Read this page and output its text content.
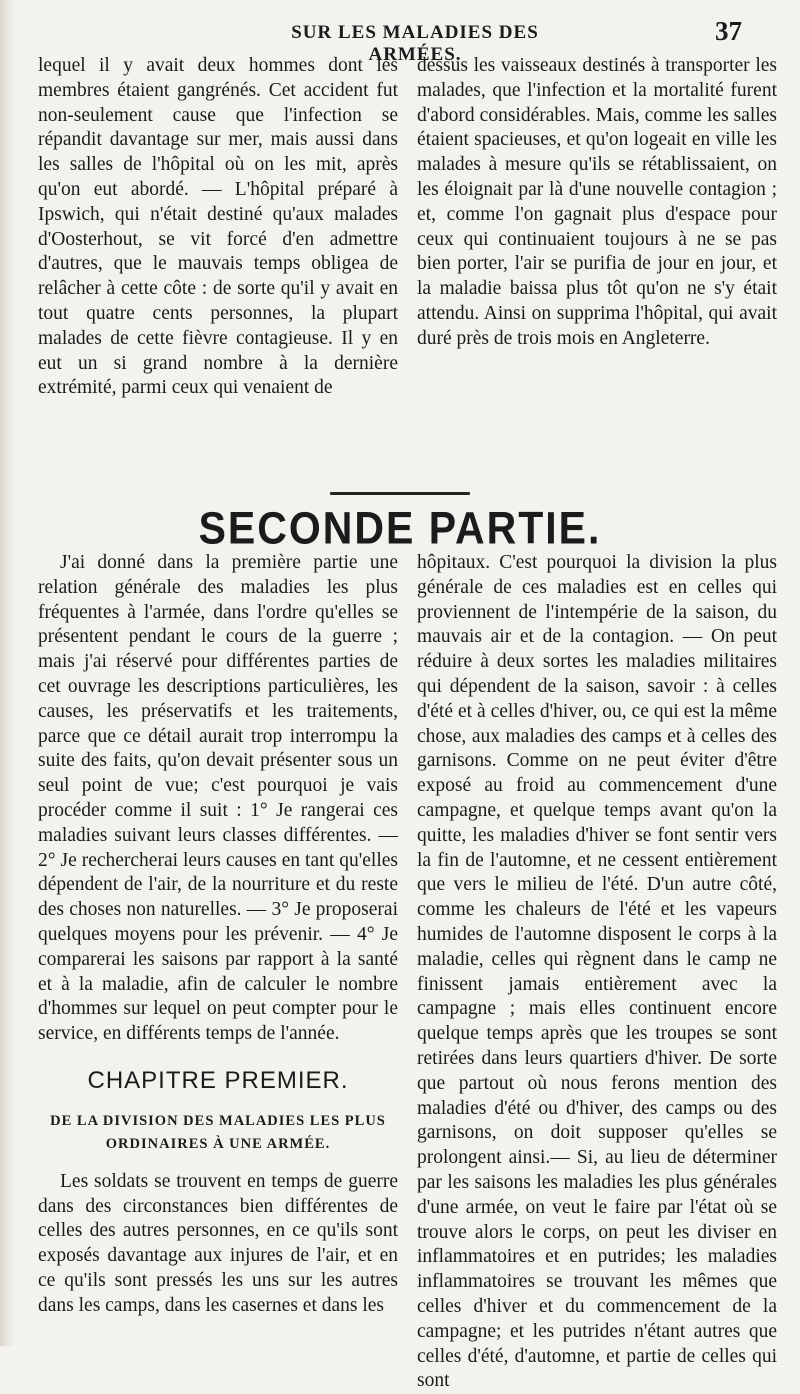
SUR LES MALADIES DES ARMÉES.
37

lequel il y avait deux hommes dont les membres étaient gangrénés. Cet accident fut non-seulement cause que l'infection se répandit davantage sur mer, mais aussi dans les salles de l'hôpital où on les mit, après qu'on eut abordé. — L'hôpital préparé à Ipswich, qui n'était destiné qu'aux malades d'Oosterhout, se vit forcé d'en admettre d'autres, que le mauvais temps obligea de relâcher à cette côte : de sorte qu'il y avait en tout quatre cents personnes, la plupart malades de cette fièvre contagieuse. Il y en eut un si grand nombre à la dernière extrémité, parmi ceux qui venaient de

dessus les vaisseaux destinés à transporter les malades, que l'infection et la mortalité furent d'abord considérables. Mais, comme les salles étaient spacieuses, et qu'on logeait en ville les malades à mesure qu'ils se rétablissaient, on les éloignait par là d'une nouvelle contagion ; et, comme l'on gagnait plus d'espace pour ceux qui continuaient toujours à ne se pas bien porter, l'air se purifia de jour en jour, et la maladie baissa plus tôt qu'on ne s'y était attendu. Ainsi on supprima l'hôpital, qui avait duré près de trois mois en Angleterre.

SECONDE PARTIE.

J'ai donné dans la première partie une relation générale des maladies les plus fréquentes à l'armée, dans l'ordre qu'elles se présentent pendant le cours de la guerre ; mais j'ai réservé pour différentes parties de cet ouvrage les descriptions particulières, les causes, les préservatifs et les traitements, parce que ce détail aurait trop interrompu la suite des faits, qu'on devait présenter sous un seul point de vue; c'est pourquoi je vais procéder comme il suit : 1° Je rangerai ces maladies suivant leurs classes différentes. — 2° Je rechercherai leurs causes en tant qu'elles dépendent de l'air, de la nourriture et du reste des choses non naturelles. — 3° Je proposerai quelques moyens pour les prévenir. — 4° Je comparerai les saisons par rapport à la santé et à la maladie, afin de calculer le nombre d'hommes sur lequel on peut compter pour le service, en différents temps de l'année.

CHAPITRE PREMIER.
DE LA DIVISION DES MALADIES LES PLUS ORDINAIRES À UNE ARMÉE.

Les soldats se trouvent en temps de guerre dans des circonstances bien différentes de celles des autres personnes, en ce qu'ils sont exposés davantage aux injures de l'air, et en ce qu'ils sont pressés les uns sur les autres dans les camps, dans les casernes et dans les

hôpitaux. C'est pourquoi la division la plus générale de ces maladies est en celles qui proviennent de l'intempérie de la saison, du mauvais air et de la contagion. — On peut réduire à deux sortes les maladies militaires qui dépendent de la saison, savoir : à celles d'été et à celles d'hiver, ou, ce qui est la même chose, aux maladies des camps et à celles des garnisons. Comme on ne peut éviter d'être exposé au froid au commencement d'une campagne, et quelque temps avant qu'on la quitte, les maladies d'hiver se font sentir vers la fin de l'automne, et ne cessent entièrement que vers le milieu de l'été. D'un autre côté, comme les chaleurs de l'été et les vapeurs humides de l'automne disposent le corps à la maladie, celles qui règnent dans le camp ne finissent jamais entièrement avec la campagne ; mais elles continuent encore quelque temps après que les troupes se sont retirées dans leurs quartiers d'hiver. De sorte que partout où nous ferons mention des maladies d'été ou d'hiver, des camps ou des garnisons, on doit supposer qu'elles se prolongent ainsi.— Si, au lieu de déterminer par les saisons les maladies les plus générales d'une armée, on veut le faire par l'état où se trouve alors le corps, on peut les diviser en inflammatoires et en putrides; les maladies inflammatoires se trouvant les mêmes que celles d'hiver et du commencement de la campagne; et les putrides n'étant autres que celles d'été, d'automne, et partie de celles qui sont
